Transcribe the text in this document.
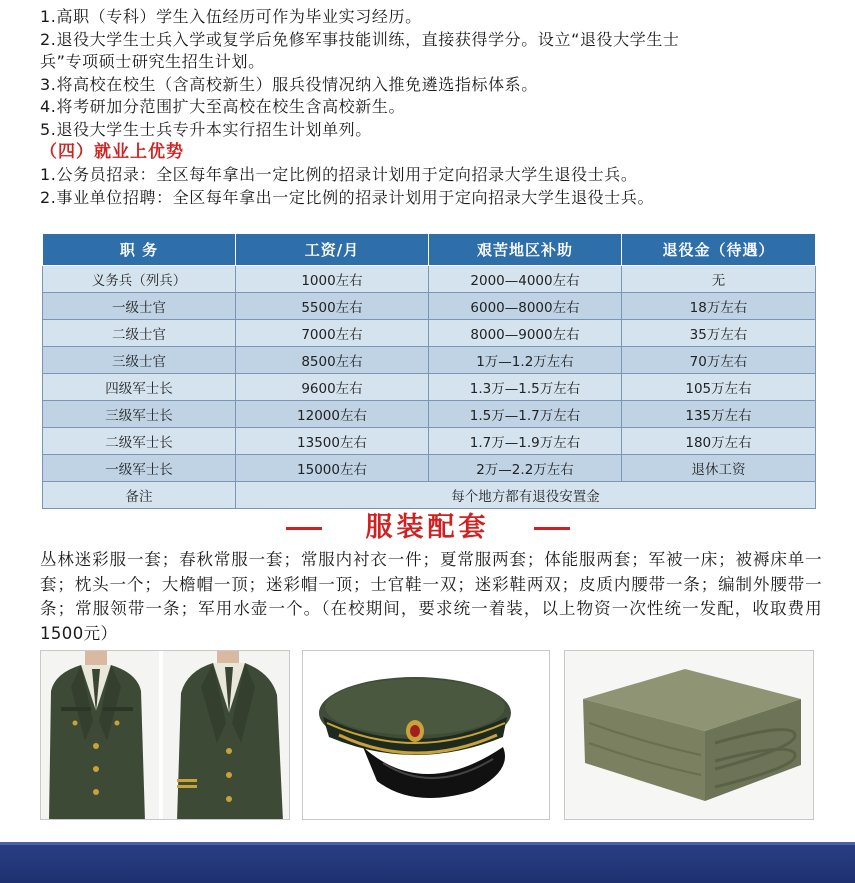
1.高职（专科）学生入伍经历可作为毕业实习经历。
2.退役大学生士兵入学或复学后免修军事技能训练，直接获得学分。设立“退役大学生士
兵”专项硕士研究生招生计划。
3.将高校在校生（含高校新生）服兵役情况纳入推免遴选指标体系。
4.将考研加分范围扩大至高校在校生含高校新生。
5.退役大学生士兵专升本实行招生计划单列。
（四）就业上优势
1.公务员招录：全区每年拿出一定比例的招录计划用于定向招录大学生退役士兵。
2.事业单位招聘：全区每年拿出一定比例的招录计划用于定向招录大学生退役士兵。
职 务	工资/月	艰苦地区补助	退役金（待遇）
义务兵（列兵）	1000左右	2000—4000左右	无
一级士官	5500左右	6000—8000左右	18万左右
二级士官	7000左右	8000—9000左右	35万左右
三级士官	8500左右	1万—1.2万左右	70万左右
四级军士长	9600左右	1.3万—1.5万左右	105万左右
三级军士长	12000左右	1.5万—1.7万左右	135万左右
二级军士长	13500左右	1.7万—1.9万左右	180万左右
一级军士长	15000左右	2万—2.2万左右	退休工资
备注	每个地方都有退役安置金		
服装配套
丛林迷彩服一套；春秋常服一套；常服内衬衣一件；夏常服两套；体能服两套；军被一床；被褥床单一套；枕头一个；大檐帽一顶；迷彩帽一顶；士官鞋一双；迷彩鞋两双；皮质内腰带一条；编制外腰带一条；常服领带一条；军用水壶一个。（在校期间，要求统一着装，以上物资一次性统一发配，收取费用1500元）
